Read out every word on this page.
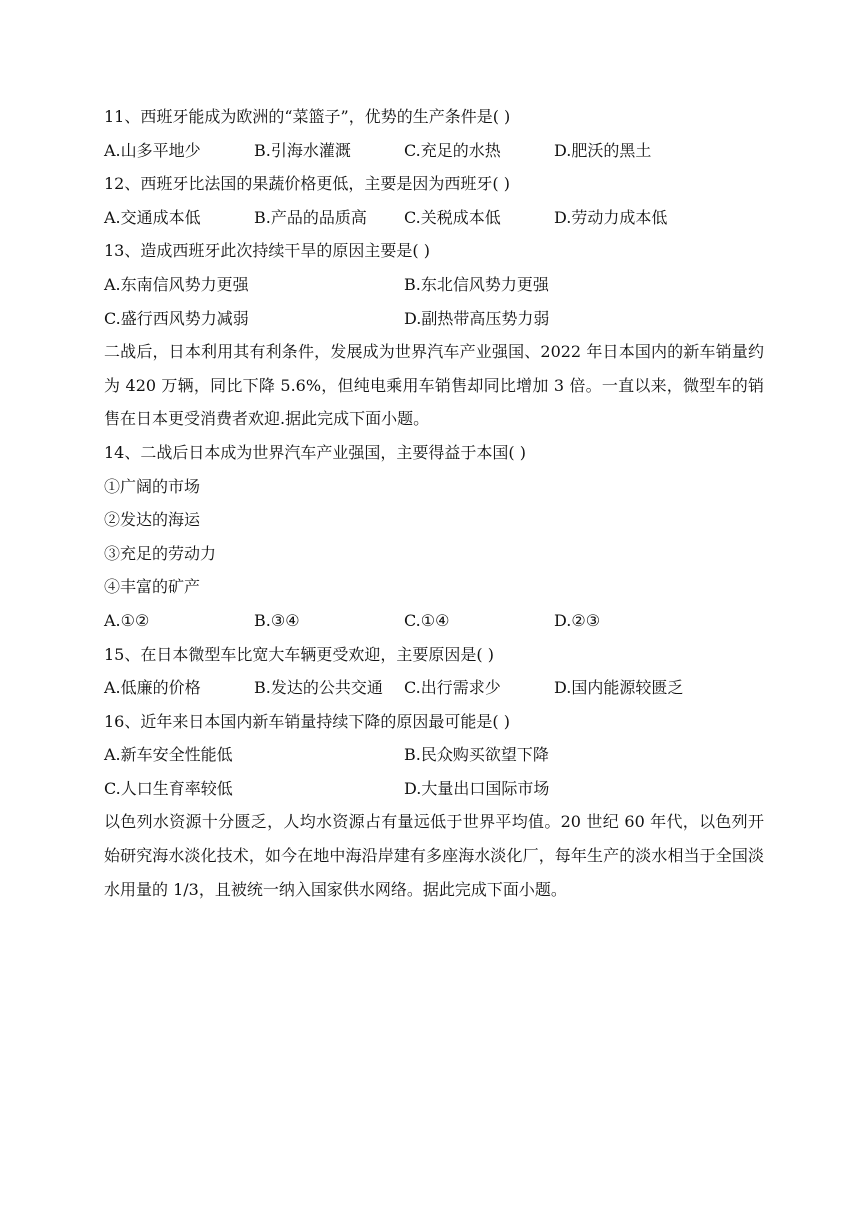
11、西班牙能成为欧洲的“菜篮子”，优势的生产条件是( )
A.山多平地少	B.引海水灌溉	C.充足的水热	D.肥沃的黑土
12、西班牙比法国的果蔬价格更低，主要是因为西班牙( )
A.交通成本低	B.产品的品质高	C.关税成本低	D.劳动力成本低
13、造成西班牙此次持续干旱的原因主要是( )
A.东南信风势力更强	B.东北信风势力更强
C.盛行西风势力减弱	D.副热带高压势力弱
二战后，日本利用其有利条件，发展成为世界汽车产业强国、2022 年日本国内的新车销量约为 420 万辆，同比下降 5.6%，但纯电乘用车销售却同比增加 3 倍。一直以来，微型车的销售在日本更受消费者欢迎.据此完成下面小题。
14、二战后日本成为世界汽车产业强国，主要得益于本国( )
①广阔的市场
②发达的海运
③充足的劳动力
④丰富的矿产
A.①②	B.③④	C.①④	D.②③
15、在日本微型车比宽大车辆更受欢迎，主要原因是( )
A.低廉的价格	B.发达的公共交通	C.出行需求少	D.国内能源较匮乏
16、近年来日本国内新车销量持续下降的原因最可能是( )
A.新车安全性能低	B.民众购买欲望下降
C.人口生育率较低	D.大量出口国际市场
以色列水资源十分匮乏，人均水资源占有量远低于世界平均值。20 世纪 60 年代，以色列开始研究海水淡化技术，如今在地中海沿岸建有多座海水淡化厂，每年生产的淡水相当于全国淡水用量的 1/3，且被统一纳入国家供水网络。据此完成下面小题。
